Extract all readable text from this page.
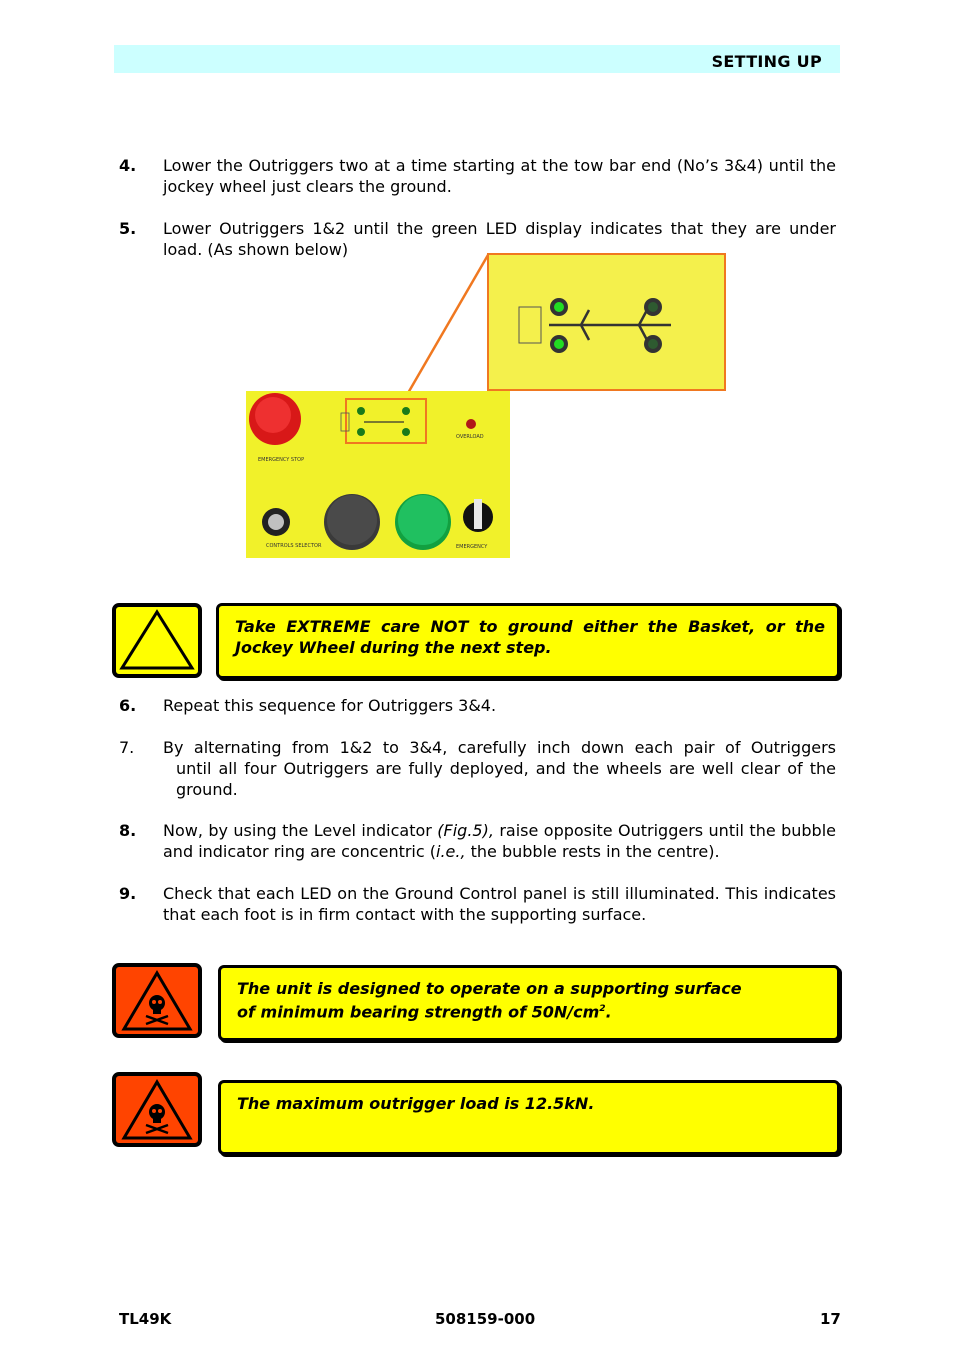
SETTING UP
4. Lower the Outriggers two at a time starting at the tow bar end (No’s 3&4) until the jockey wheel just clears the ground.
5. Lower Outriggers 1&2 until the green LED display indicates that they are under load. (As shown below)
EMERGENCY STOP
OVERLOAD
CONTROLS SELECTOR	EMERGENCY
Take EXTREME care NOT to ground either the Basket, or the Jockey Wheel during the next step.
6. Repeat this sequence for Outriggers 3&4.
7. By alternating from 1&2 to 3&4, carefully inch down each pair of Outriggers
until all four Outriggers are fully deployed, and the wheels are well clear of the ground.
8. Now, by using the Level indicator (Fig.5), raise opposite Outriggers until the bubble and indicator ring are concentric (i.e., the bubble rests in the centre).
9. Check that each LED on the Ground Control panel is still illuminated. This indicates that each foot is in firm contact with the supporting surface.
The unit is designed to operate on a supporting surface of minimum bearing strength of $50N/cm^2$.
The maximum outrigger load is 12.5kN.
TL49K	508159-000	17
